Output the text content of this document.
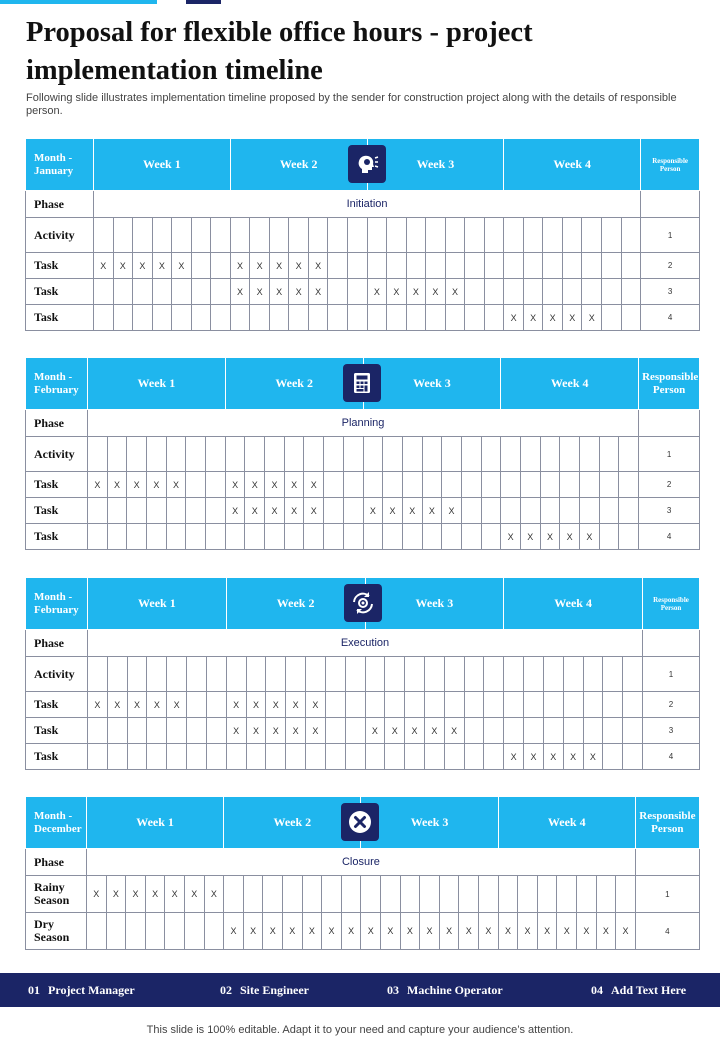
Proposal for flexible office hours - project implementation timeline

Following slide illustrates implementation timeline proposed by the sender for construction project along with the details of responsible person.

Month - January	Week 1							Week 2							Week 3							Week 4							Responsible Person
Phase	Initiation																												
Activity																													1
Task	X	X	X	X	X			X	X	X	X	X																	2
Task								X	X	X	X	X			X	X	X	X	X										3
Task																						X	X	X	X	X			4
Month - February	Week 1							Week 2							Week 3							Week 4							Responsible Person
Phase	Planning																												
Activity																													1
Task	X	X	X	X	X			X	X	X	X	X																	2
Task								X	X	X	X	X			X	X	X	X	X										3
Task																						X	X	X	X	X			4
Month - February	Week 1							Week 2							Week 3							Week 4							Responsible Person
Phase	Execution																												
Activity																													1
Task	X	X	X	X	X			X	X	X	X	X																	2
Task								X	X	X	X	X			X	X	X	X	X										3
Task																						X	X	X	X	X			4
Month - December	Week 1							Week 2							Week 3							Week 4							Responsible Person
Phase	Closure																												
Rainy Season	X	X	X	X	X	X	X																						1
Dry Season								X	X	X	X	X	X	X	X	X	X	X	X	X	X	X	X	X	X	X	X	X	4
01 Project Manager	02 Site Engineer	03 Machine Operator	04 Add Text Here

This slide is 100% editable. Adapt it to your need and capture your audience’s attention.
